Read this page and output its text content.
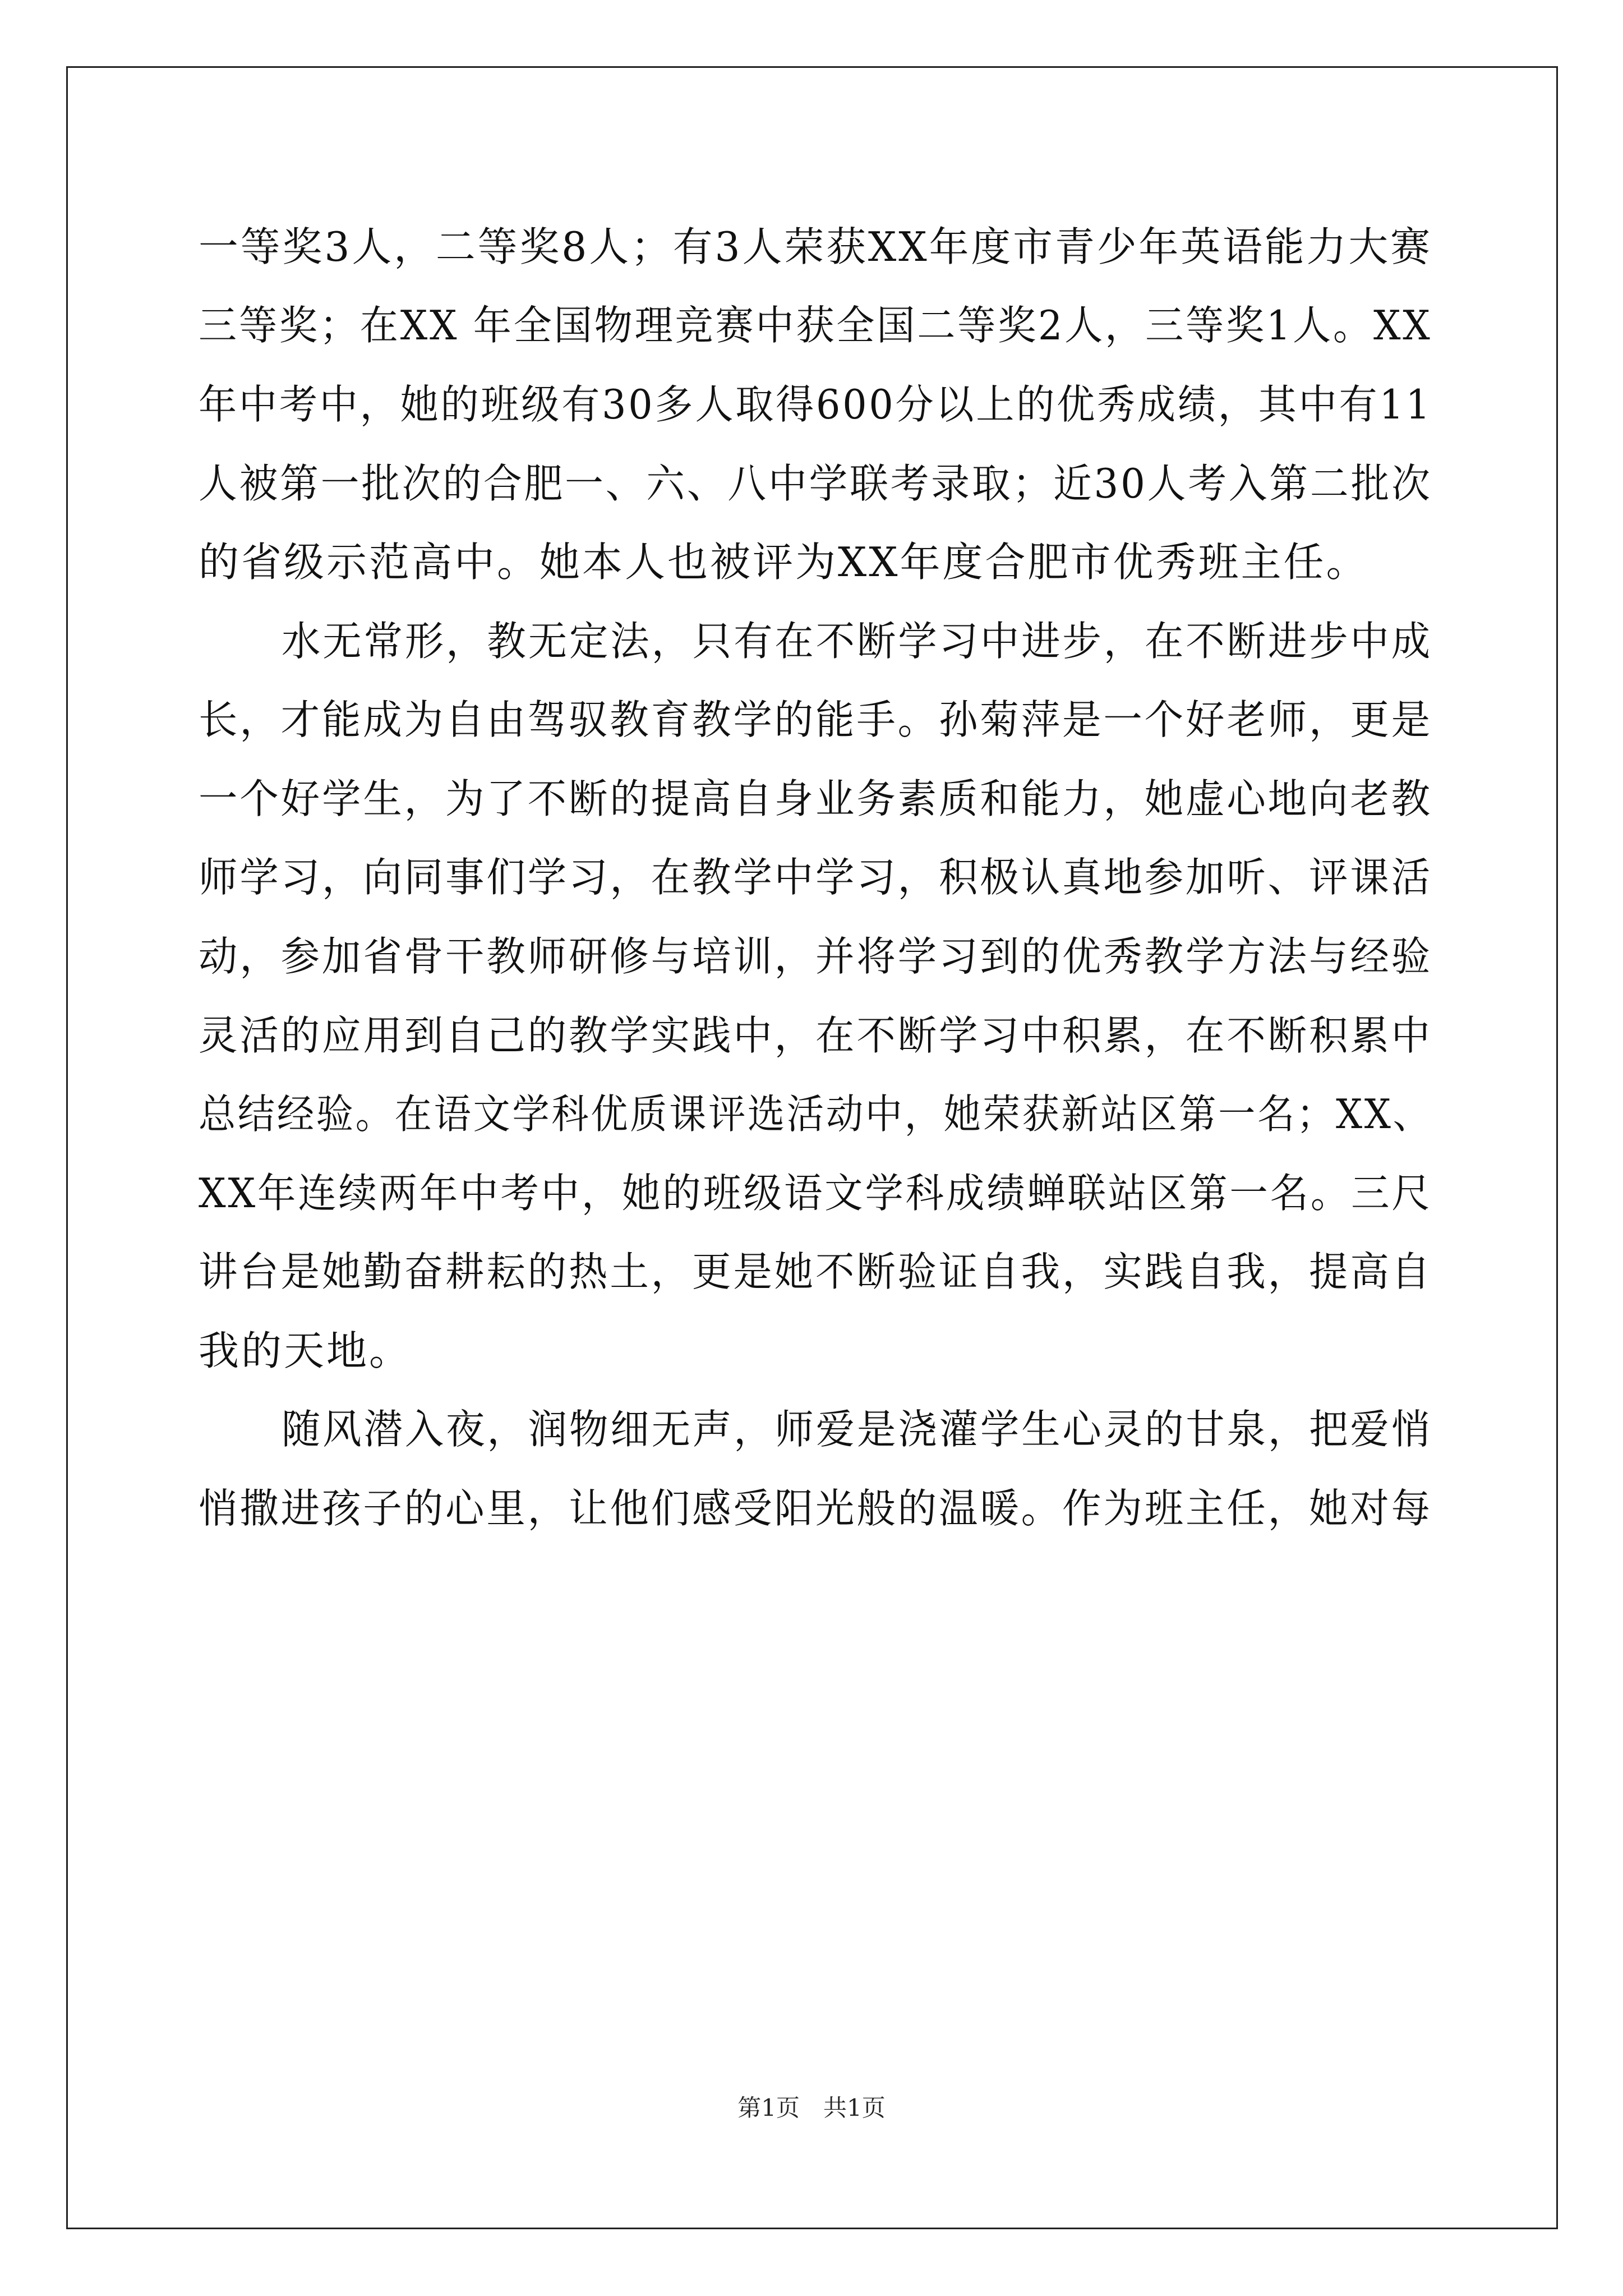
一等奖3人，二等奖8人；有3人荣获XX年度市青少年英语能力大赛
三等奖；在XX 年全国物理竞赛中获全国二等奖2人，三等奖1人。XX
年中考中，她的班级有30多人取得600分以上的优秀成绩，其中有11
人被第一批次的合肥一、六、八中学联考录取；近30人考入第二批次
的省级示范高中。她本人也被评为XX年度合肥市优秀班主任。
水无常形，教无定法，只有在不断学习中进步，在不断进步中成
长，才能成为自由驾驭教育教学的能手。孙菊萍是一个好老师，更是
一个好学生，为了不断的提高自身业务素质和能力，她虚心地向老教
师学习，向同事们学习，在教学中学习，积极认真地参加听、评课活
动，参加省骨干教师研修与培训，并将学习到的优秀教学方法与经验
灵活的应用到自己的教学实践中，在不断学习中积累，在不断积累中
总结经验。在语文学科优质课评选活动中，她荣获新站区第一名；XX、
XX年连续两年中考中，她的班级语文学科成绩蝉联站区第一名。三尺
讲台是她勤奋耕耘的热土，更是她不断验证自我，实践自我，提高自
我的天地。
随风潜入夜，润物细无声，师爱是浇灌学生心灵的甘泉，把爱悄
悄撒进孩子的心里，让他们感受阳光般的温暖。作为班主任，她对每
第1页　共1页
